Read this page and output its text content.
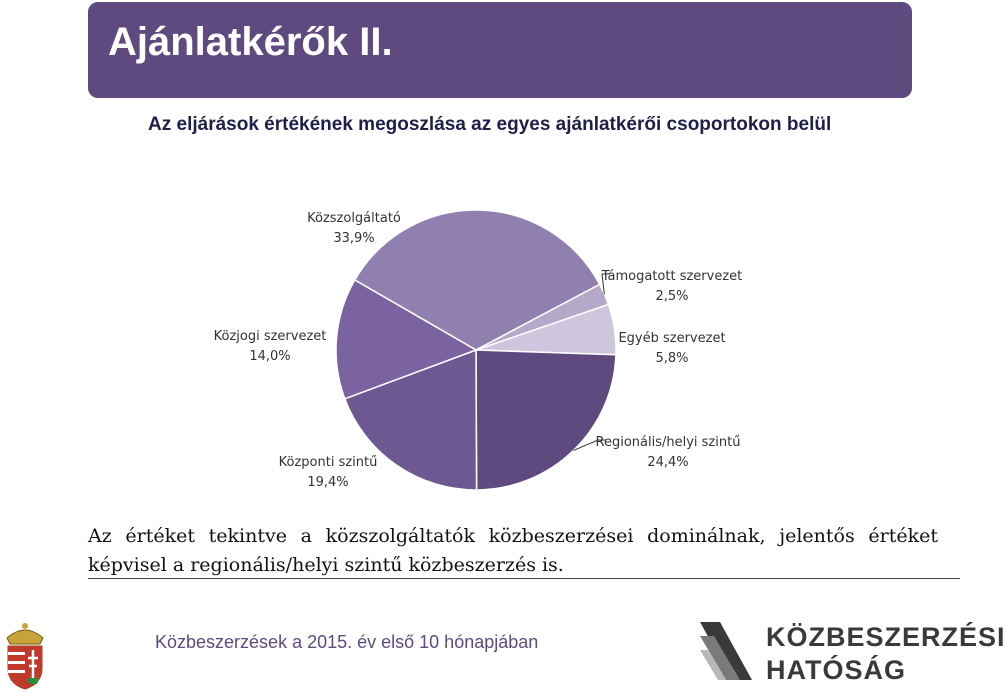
Ajánlatkérők II.
Az eljárások értékének megoszlása az egyes ajánlatkérői csoportokon belül
Közszolgáltató
33,9%
Támogatott szervezet
2,5%
Egyéb szervezet
5,8%
Regionális/helyi szintű
24,4%
Központi szintű
19,4%
Közjogi szervezet
14,0%
Az értéket tekintve a közszolgáltatók közbeszerzései dominálnak, jelentős értéket
képvisel a regionális/helyi szintű közbeszerzés is.
Közbeszerzések a 2015. év első 10 hónapjában	KÖZBESZERZÉSI
HATÓSÁG
